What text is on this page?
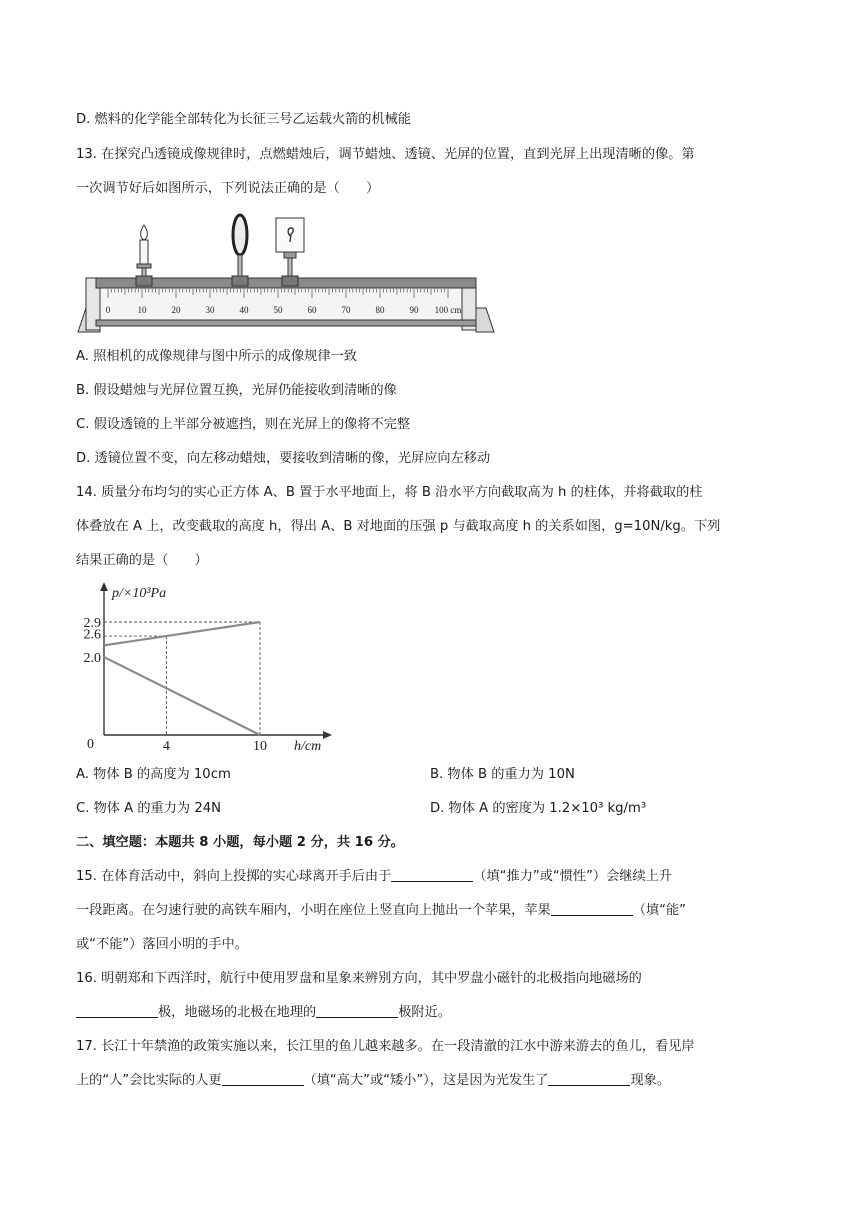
D. 燃料的化学能全部转化为长征三号乙运载火箭的机械能
13. 在探究凸透镜成像规律时，点燃蜡烛后，调节蜡烛、透镜、光屏的位置，直到光屏上出现清晰的像。第
一次调节好后如图所示，下列说法正确的是（　　）
0	10	20	30	40	50	60	70	80	90 100 cm
A. 照相机的成像规律与图中所示的成像规律一致
B. 假设蜡烛与光屏位置互换，光屏仍能接收到清晰的像
C. 假设透镜的上半部分被遮挡，则在光屏上的像将不完整
D. 透镜位置不变，向左移动蜡烛，要接收到清晰的像，光屏应向左移动
14. 质量分布均匀的实心正方体 A、B 置于水平地面上，将 B 沿水平方向截取高为 h 的柱体，并将截取的柱
体叠放在 A 上，改变截取的高度 h，得出 A、B 对地面的压强 p 与截取高度 h 的关系如图，g=10N/kg。下列
结果正确的是（　　）
p/×10³Pa
h/cm
0
2.0
2.6
2.9
4	10
A. 物体 B 的高度为 10cm	B. 物体 B 的重力为 10N
C. 物体 A 的重力为 24N	D. 物体 A 的密度为 1.2×10³ kg/m³
二、填空题：本题共 8 小题，每小题 2 分，共 16 分。
15. 在体育活动中，斜向上投掷的实心球离开手后由于	（填“推力”或“惯性”）会继续上升
一段距离。在匀速行驶的高铁车厢内，小明在座位上竖直向上抛出一个苹果，苹果	（填“能”
或“不能”）落回小明的手中。
16. 明朝郑和下西洋时，航行中使用罗盘和星象来辨别方向，其中罗盘小磁针的北极指向地磁场的
极，地磁场的北极在地理的	极附近。
17. 长江十年禁渔的政策实施以来，长江里的鱼儿越来越多。在一段清澈的江水中游来游去的鱼儿，看见岸
上的“人”会比实际的人更	（填“高大”或“矮小”），这是因为光发生了	现象。
